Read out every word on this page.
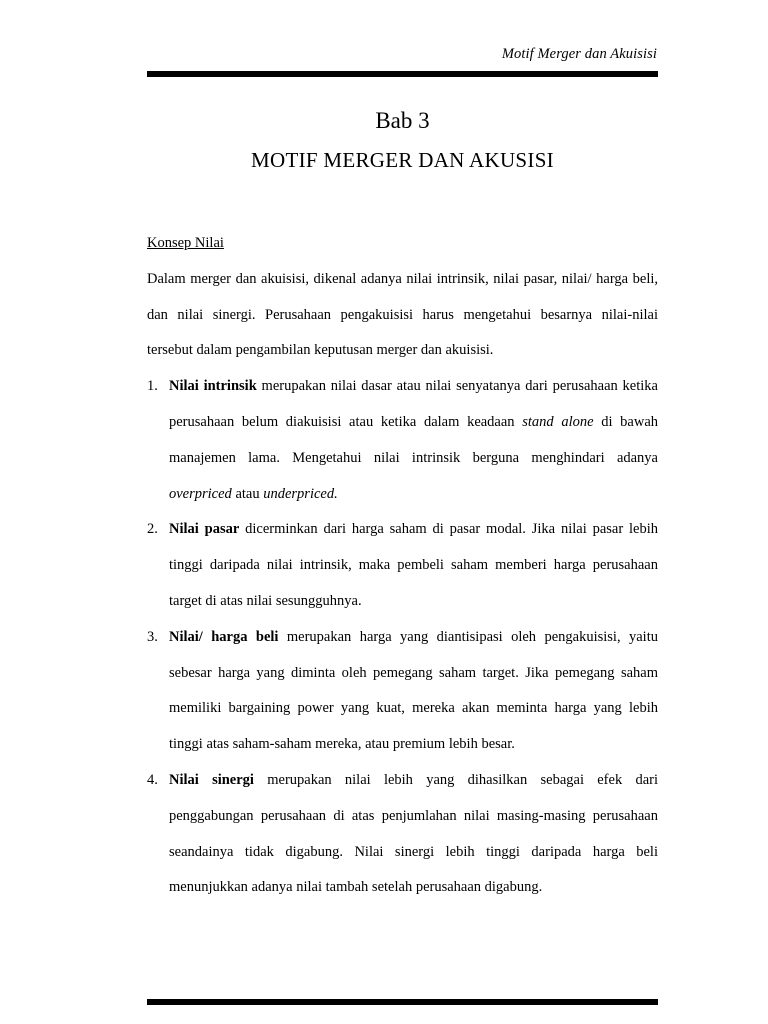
Motif Merger dan Akuisisi
Bab 3
MOTIF MERGER DAN AKUSISI
Konsep Nilai

Dalam merger dan akuisisi, dikenal adanya nilai intrinsik, nilai pasar, nilai/ harga beli, dan nilai sinergi. Perusahaan pengakuisisi harus mengetahui besarnya nilai-nilai tersebut dalam pengambilan keputusan merger dan akuisisi.

1. Nilai intrinsik merupakan nilai dasar atau nilai senyatanya dari perusahaan ketika perusahaan belum diakuisisi atau ketika dalam keadaan stand alone di bawah manajemen lama. Mengetahui nilai intrinsik berguna menghindari adanya overpriced atau underpriced.
2. Nilai pasar dicerminkan dari harga saham di pasar modal. Jika nilai pasar lebih tinggi daripada nilai intrinsik, maka pembeli saham memberi harga perusahaan target di atas nilai sesungguhnya.
3. Nilai/ harga beli merupakan harga yang diantisipasi oleh pengakuisisi, yaitu sebesar harga yang diminta oleh pemegang saham target. Jika pemegang saham memiliki bargaining power yang kuat, mereka akan meminta harga yang lebih tinggi atas saham-saham mereka, atau premium lebih besar.
4. Nilai sinergi merupakan nilai lebih yang dihasilkan sebagai efek dari penggabungan perusahaan di atas penjumlahan nilai masing-masing perusahaan seandainya tidak digabung. Nilai sinergi lebih tinggi daripada harga beli menunjukkan adanya nilai tambah setelah perusahaan digabung.
